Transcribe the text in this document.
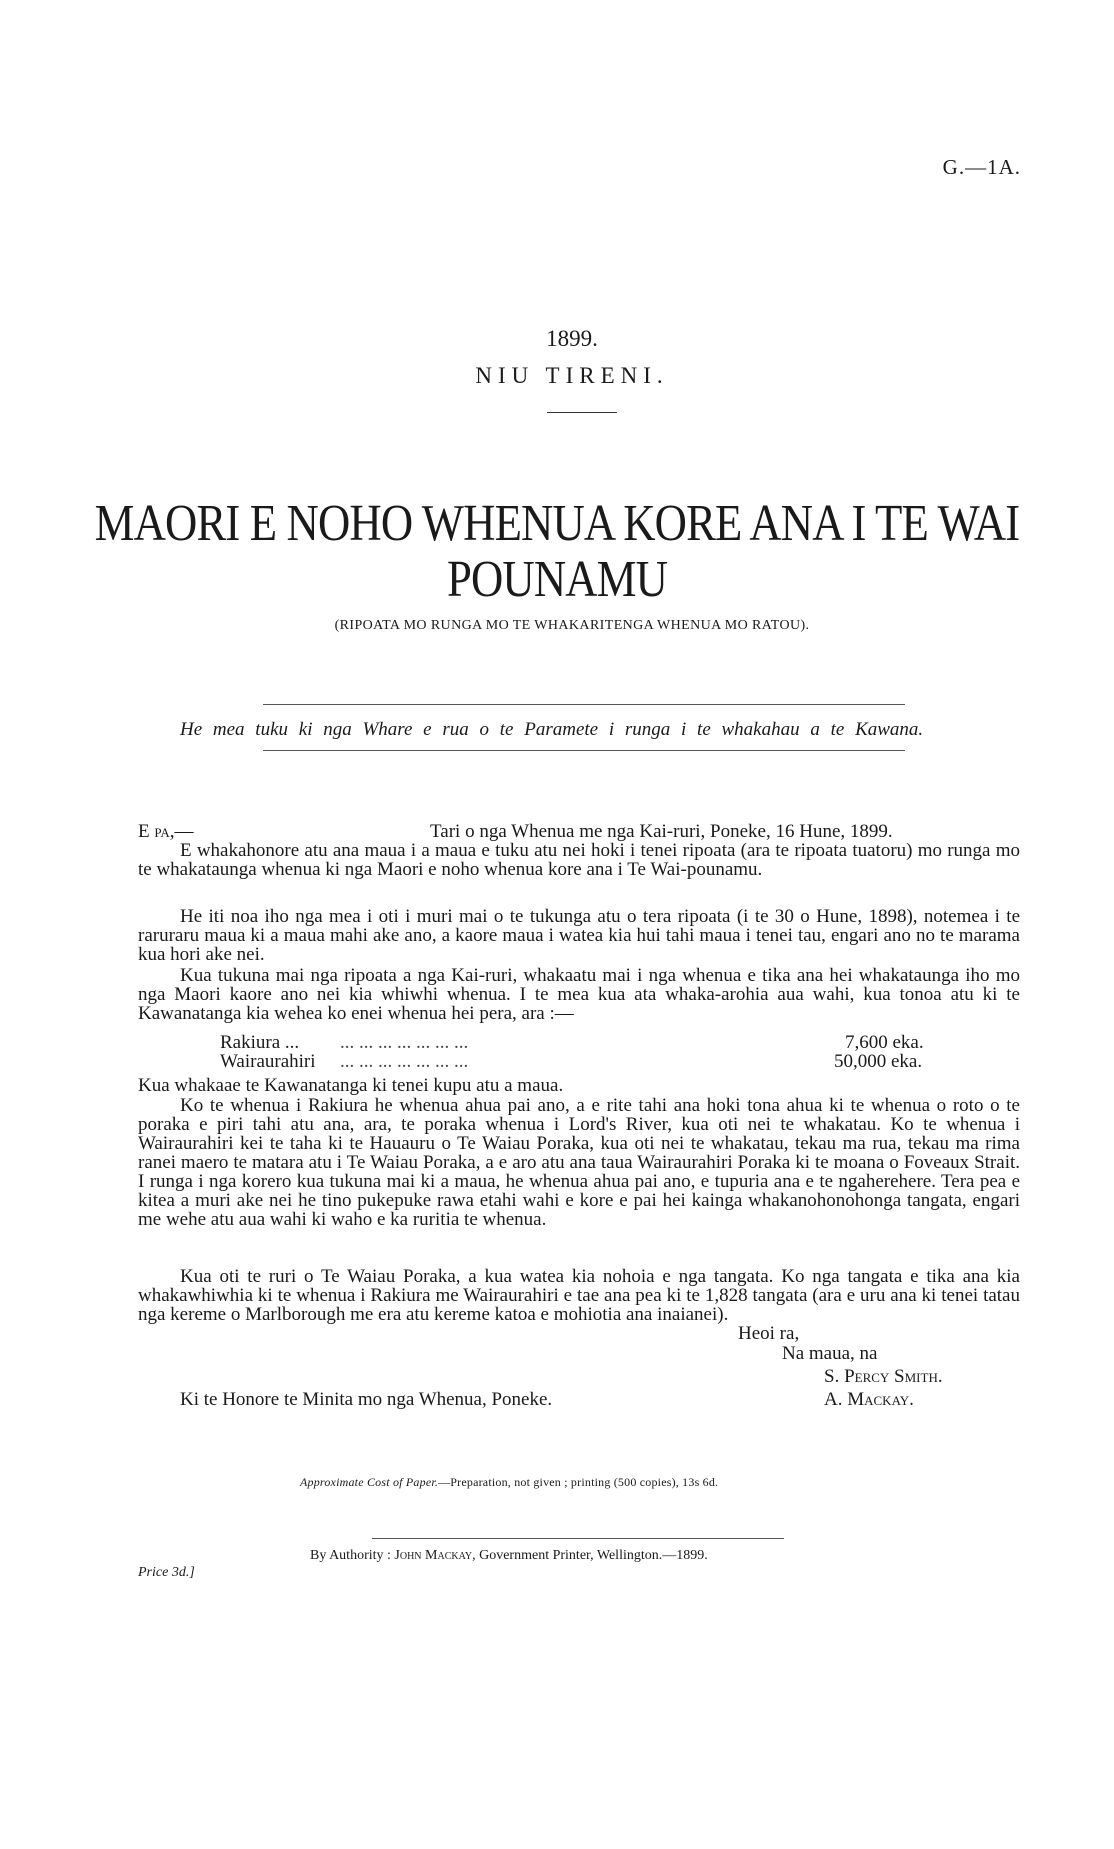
G.—1A.
1899.
NIU TIRENI.
MAORI E NOHO WHENUA KORE ANA I TE WAI
POUNAMU
(RIPOATA MO RUNGA MO TE WHAKARITENGA WHENUA MO RATOU).
He mea tuku ki nga Whare e rua o te Paramete i runga i te whakahau a te Kawana.
E pa,—	Tari o nga Whenua me nga Kai-ruri, Poneke, 16 Hune, 1899.
E whakahonore atu ana maua i a maua e tuku atu nei hoki i tenei ripoata (ara te ripoata tuatoru) mo runga mo te whakataunga whenua ki nga Maori e noho whenua kore ana i Te Wai-pounamu.
He iti noa iho nga mea i oti i muri mai o te tukunga atu o tera ripoata (i te 30 o Hune, 1898), notemea i te raruraru maua ki a maua mahi ake ano, a kaore maua i watea kia hui tahi maua i tenei tau, engari ano no te marama kua hori ake nei.
Kua tukuna mai nga ripoata a nga Kai-ruri, whakaatu mai i nga whenua e tika ana hei whakataunga iho mo nga Maori kaore ano nei kia whiwhi whenua. I te mea kua ata whaka-arohia aua wahi, kua tonoa atu ki te Kawanatanga kia wehea ko enei whenua hei pera, ara :—
Rakiura ... ... ... ... ... ... ... ...	7,600 eka.
Wairaurahiri ... ... ... ... ... ... ...	50,000 eka.
Kua whakaae te Kawanatanga ki tenei kupu atu a maua.
Ko te whenua i Rakiura he whenua ahua pai ano, a e rite tahi ana hoki tona ahua ki te whenua o roto o te poraka e piri tahi atu ana, ara, te poraka whenua i Lord's River, kua oti nei te whakatau. Ko te whenua i Wairaurahiri kei te taha ki te Hauauru o Te Waiau Poraka, kua oti nei te whakatau, tekau ma rua, tekau ma rima ranei maero te matara atu i Te Waiau Poraka, a e aro atu ana taua Wairaurahiri Poraka ki te moana o Foveaux Strait. I runga i nga korero kua tukuna mai ki a maua, he whenua ahua pai ano, e tupuria ana e te ngaherehere. Tera pea e kitea a muri ake nei he tino pukepuke rawa etahi wahi e kore e pai hei kainga whakanohonohonga tangata, engari me wehe atu aua wahi ki waho e ka ruritia te whenua.
Kua oti te ruri o Te Waiau Poraka, a kua watea kia nohoia e nga tangata. Ko nga tangata e tika ana kia whakawhiwhia ki te whenua i Rakiura me Wairaurahiri e tae ana pea ki te 1,828 tangata (ara e uru ana ki tenei tatau nga kereme o Marlborough me era atu kereme katoa e mohiotia ana inaianei).
Heoi ra,
Na maua, na
S. Percy Smith.
A. Mackay.
Ki te Honore te Minita mo nga Whenua, Poneke.
Approximate Cost of Paper.—Preparation, not given ; printing (500 copies), 13s 6d.
By Authority : John Mackay, Government Printer, Wellington.—1899.
Price 3d.]
